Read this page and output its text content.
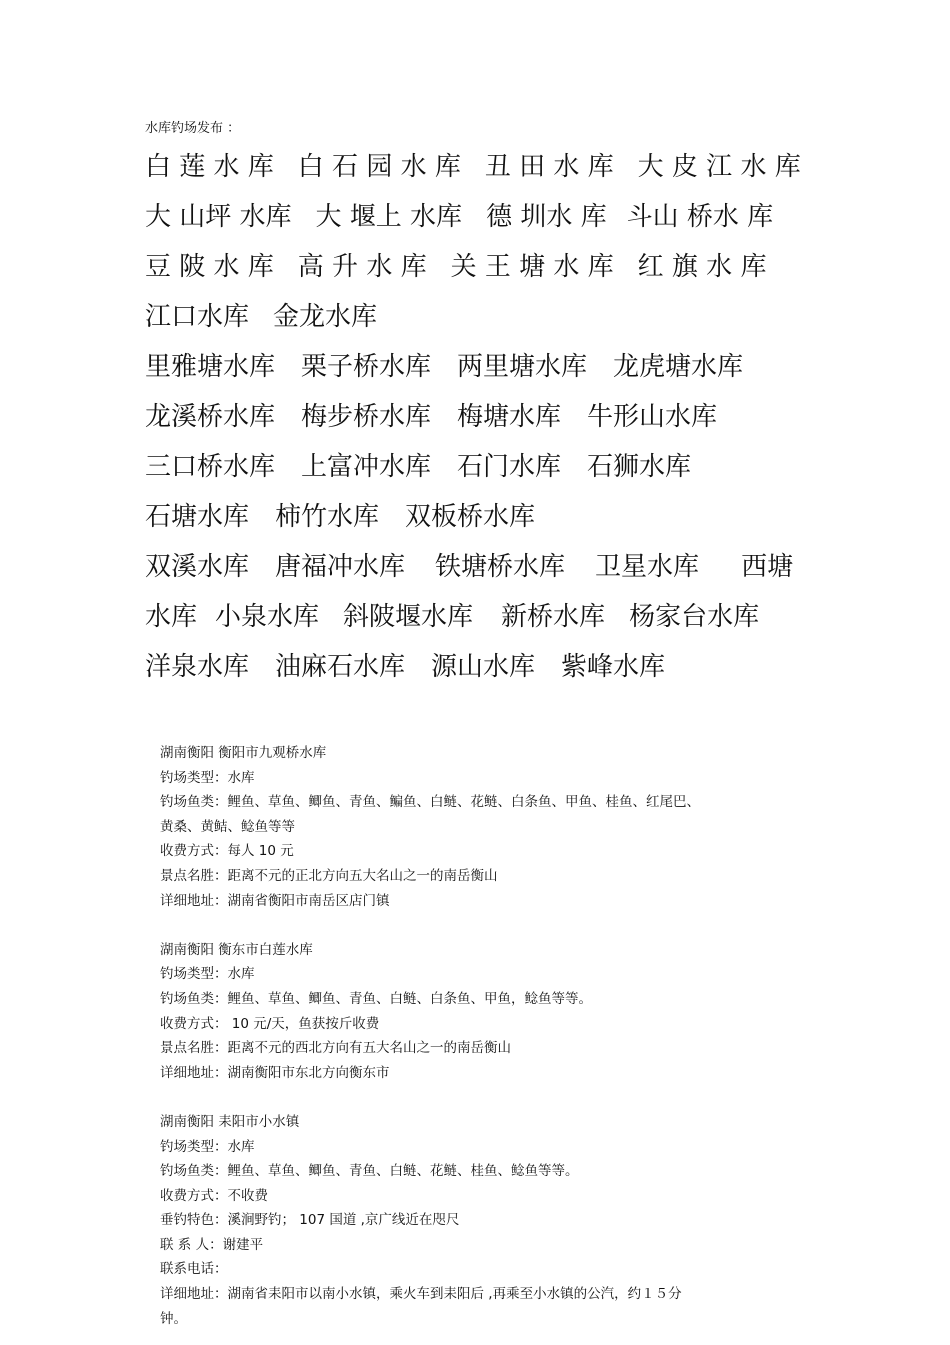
水库钓场发布 ：
白 莲 水 库 白 石 园 水 库 丑 田 水 库 大 皮 江 水 库
大 山坪 水库 大 堰上 水库 德 圳水 库 斗山 桥水 库
豆 陂 水 库 高 升 水 库 关 王 塘 水 库 红 旗 水 库
江口水库 金龙水库
里雅塘水库 栗子桥水库 两里塘水库 龙虎塘水库
龙溪桥水库 梅步桥水库 梅塘水库 牛形山水库
三口桥水库 上富冲水库 石门水库 石狮水库
石塘水库 柿竹水库 双板桥水库
双溪水库 唐福冲水库 铁塘桥水库 卫星水库 西塘
水库 小泉水库 斜陂堰水库 新桥水库 杨家台水库
洋泉水库 油麻石水库 源山水库 紫峰水库
湖南衡阳 衡阳市九观桥水库
钓场类型：水库
钓场鱼类：鲤鱼、草鱼、鲫鱼、青鱼、鳊鱼、白鲢、花鲢、白条鱼、甲鱼、桂鱼、红尾巴、
黄桑、黄鲒、鲶鱼等等
收费方式：每人 10 元
景点名胜：距离不元的正北方向五大名山之一的南岳衡山
详细地址：湖南省衡阳市南岳区店门镇
湖南衡阳 衡东市白莲水库
钓场类型：水库
钓场鱼类：鲤鱼、草鱼、鲫鱼、青鱼、白鲢、白条鱼、甲鱼，鲶鱼等等。
收费方式： 10 元/天，鱼获按斤收费
景点名胜：距离不元的西北方向有五大名山之一的南岳衡山
详细地址：湖南衡阳市东北方向衡东市
湖南衡阳 耒阳市小水镇
钓场类型：水库
钓场鱼类：鲤鱼、草鱼、鲫鱼、青鱼、白鲢、花鲢、桂鱼、鲶鱼等等。
收费方式：不收费
垂钓特色：溪涧野钓； 107 国道 ,京广线近在咫尺
联 系 人：谢建平
联系电话：
详细地址：湖南省耒阳市以南小水镇，乘火车到耒阳后 ,再乘至小水镇的公汽，约１５分
钟。
